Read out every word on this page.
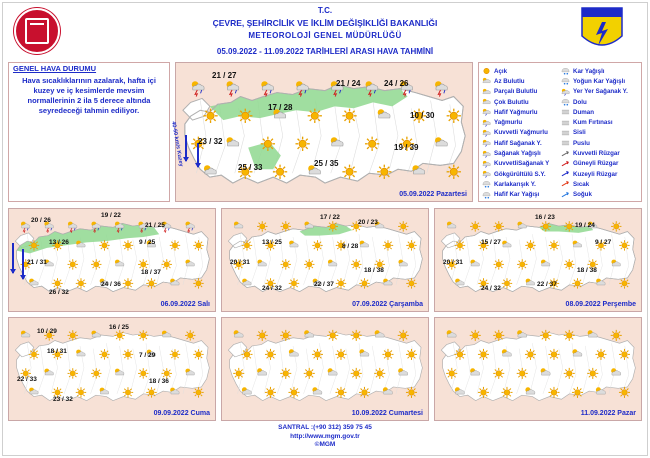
T.C.
ÇEVRE, ŞEHİRCİLİK VE İKLİM DEĞİŞİKLİĞİ BAKANLIĞI
METEOROLOJİ GENEL MÜDÜRLÜĞÜ
05.09.2022 - 11.09.2022 TARİHLERİ ARASI HAVA TAHMİNİ
GENEL HAVA DURUMU
Hava sıcaklıklarının azalarak, hafta içi kuzey ve iç kesimlerde mevsim normallerinin 2 ila 5 derece altında seyredeceği tahmin ediliyor.
05.09.2022 Pazartesi
21 / 27
21 / 24	24 / 26
17 / 28
10 / 30
23 / 32
19 / 39
25 / 33	25 / 35
40-60 km/s Kuzey
Açık	Kar Yağışlı
Az Bulutlu	Yoğun Kar Yağışlı
Parçalı Bulutlu	Yer Yer Sağanak Y.
Çok Bulutlu	Dolu
Hafif Yağmurlu	Duman
Yağmurlu	Kum Fırtınası
Kuvvetli Yağmurlu	Sisli
Hafif Sağanak Y.	Puslu
Sağanak Yağışlı	Kuvvetli Rüzgar
KuvvetliSağanak Y	Güneyli Rüzgar
Gökgürültülü S.Y.	Kuzeyli Rüzgar
Karlakarışık Y.	Sıcak
Hafif Kar Yağışı	Soğuk
06.09.2022 Salı
20 / 26
19 / 22
21 / 25
13 / 26	9 / 25
18 / 37
21 / 31
24 / 36
26 / 32
07.09.2022 Çarşamba
17 / 22
20 / 23
13 / 25
8 / 28
20 / 31
18 / 38
22 / 37
24 / 32
08.09.2022 Perşembe
16 / 23
19 / 24
15 / 27	9 / 27
20 / 31
18 / 38
22 / 37
24 / 32
09.09.2022 Cuma
16 / 25
10 / 29
18 / 31
7 / 29
22 / 33	18 / 36
23 / 32
10.09.2022 Cumartesi	11.09.2022 Pazar
SANTRAL :(+90 312) 359 75 45
http://www.mgm.gov.tr
©MGM
